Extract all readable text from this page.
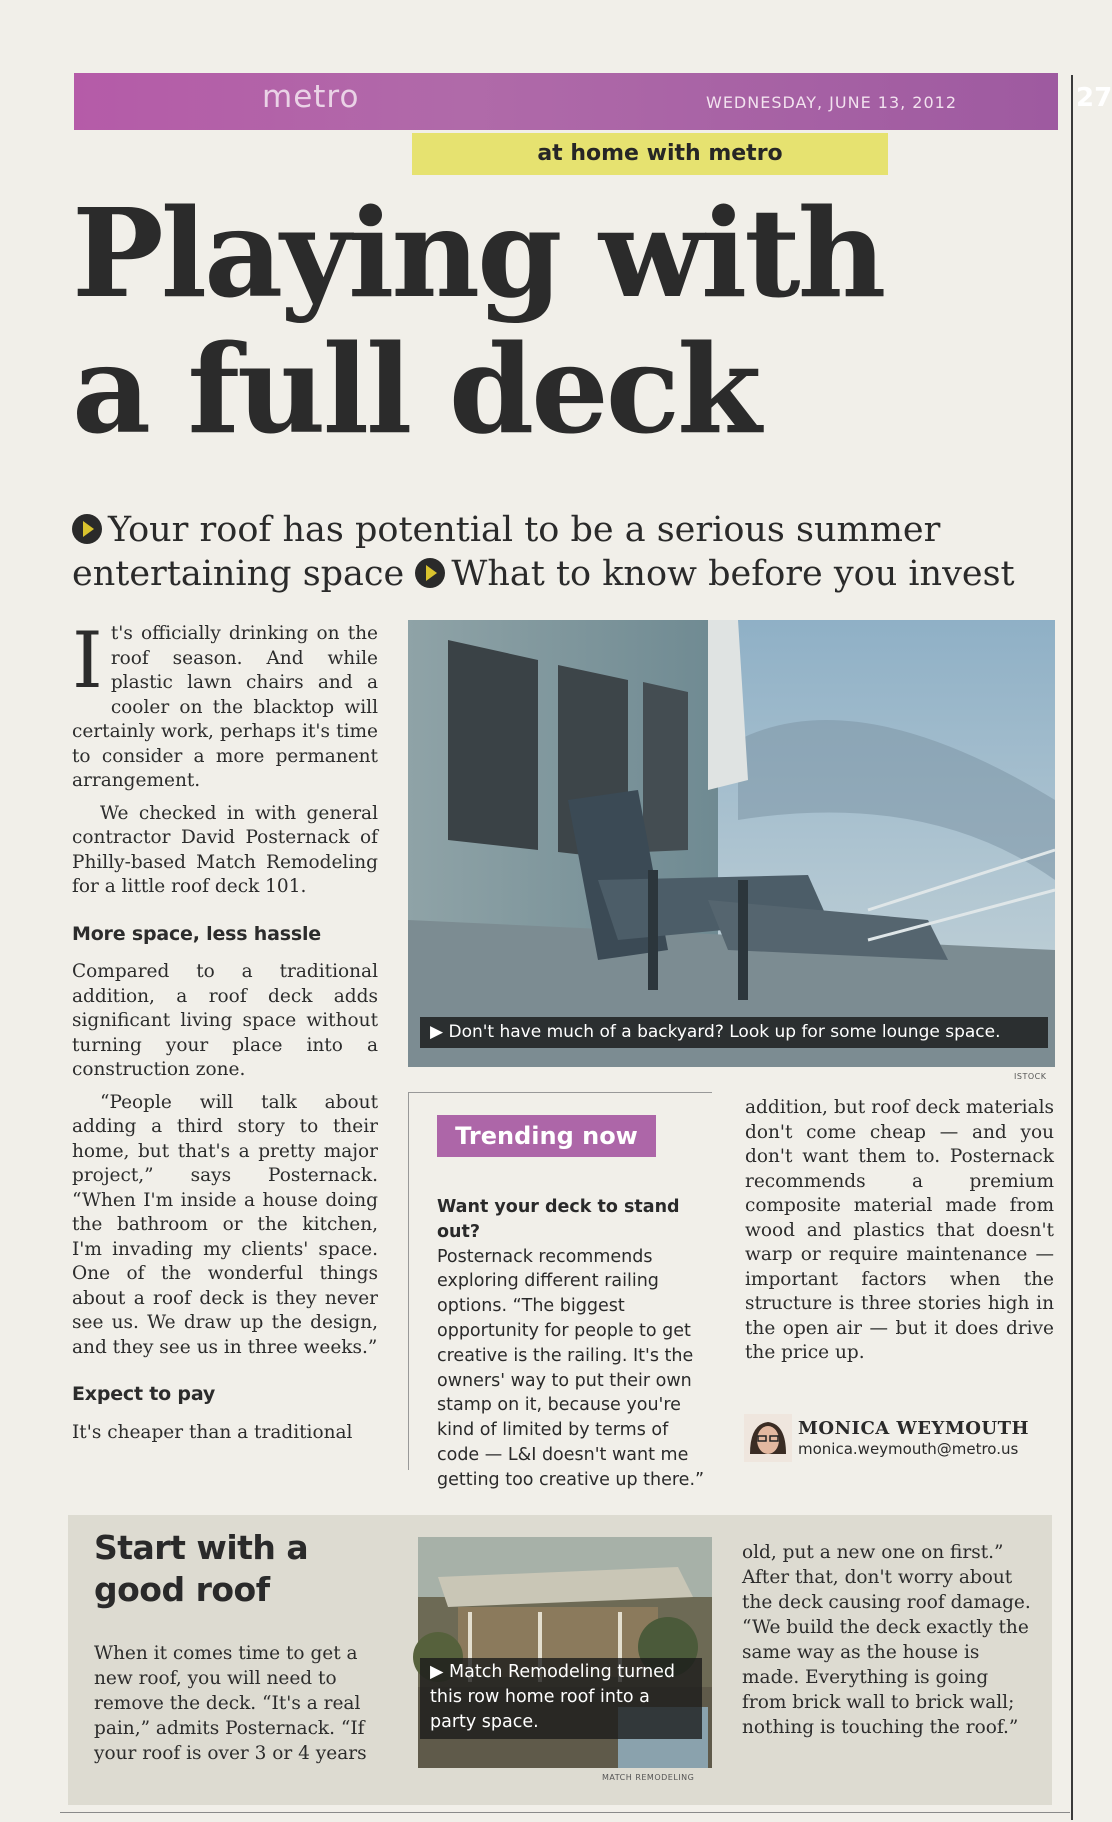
metro	WEDNESDAY, JUNE 13, 2012	27
at home with metro
Playing with
a full deck
Your roof has potential to be a serious summer entertaining space What to know before you invest

It's officially drinking on the roof season. And while plastic lawn chairs and a cooler on the blacktop will certainly work, perhaps it's time to consider a more permanent arrangement.

We checked in with general contractor David Posternack of Philly-based Match Remodeling for a little roof deck 101.

More space, less hassle

Compared to a traditional addition, a roof deck adds significant living space without turning your place into a construction zone.

“People will talk about adding a third story to their home, but that's a pretty major project,” says Posternack. “When I'm inside a house doing the bathroom or the kitchen, I'm invading my clients' space. One of the wonderful things about a roof deck is they never see us. We draw up the design, and they see us in three weeks.”

Expect to pay

It's cheaper than a traditional

▶ Don't have much of a backyard? Look up for some lounge space.
ISTOCK
Trending now
Want your deck to stand out?
Posternack recommends exploring different railing options. “The biggest opportunity for people to get creative is the railing. It's the owners' way to put their own stamp on it, because you're kind of limited by terms of code — L&I doesn't want me getting too creative up there.”

addition, but roof deck materials don't come cheap — and you don't want them to. Posternack recommends a premium composite material made from wood and plastics that doesn't warp or require maintenance — important factors when the structure is three stories high in the open air — but it does drive the price up.

MONICA WEYMOUTH
monica.weymouth@metro.us
Start with a good roof

When it comes time to get a new roof, you will need to remove the deck. “It's a real pain,” admits Posternack. “If your roof is over 3 or 4 years

▶ Match Remodeling turned this row home roof into a party space.
MATCH REMODELING

old, put a new one on first.” After that, don't worry about the deck causing roof damage. “We build the deck exactly the same way as the house is made. Everything is going from brick wall to brick wall; nothing is touching the roof.”
